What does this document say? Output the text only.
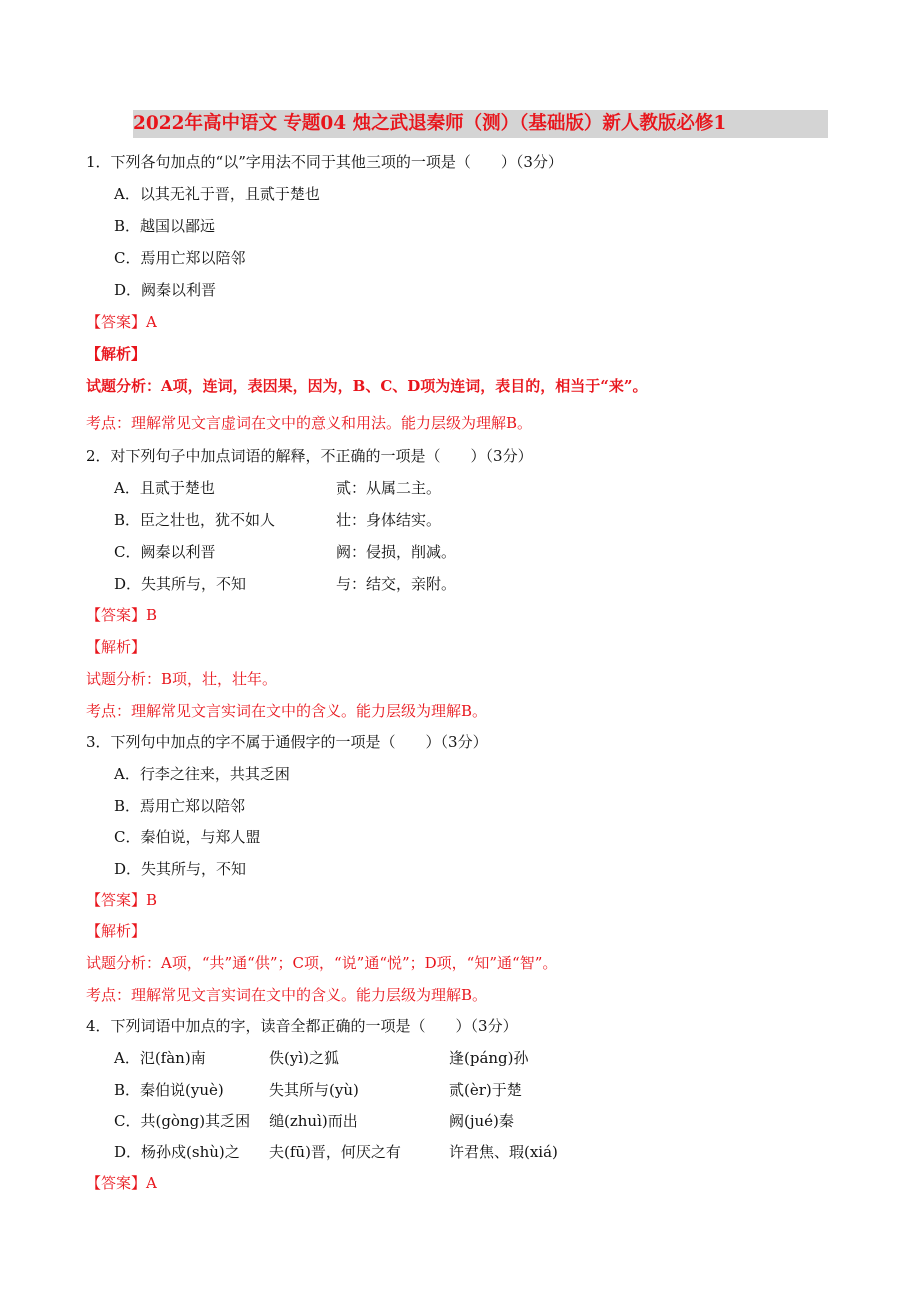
2022年高中语文 专题04 烛之武退秦师（测）（基础版）新人教版必修1
1．下列各句加点的“以”字用法不同于其他三项的一项是（　　）（3分）
A．以其无礼于晋，且贰于楚也
B．越国以鄙远
C．焉用亡郑以陪邻
D．阙秦以利晋
【答案】A
【解析】
试题分析：A项，连词，表因果，因为，B、C、D项为连词，表目的，相当于“来”。
考点：理解常见文言虚词在文中的意义和用法。能力层级为理解B。
2．对下列句子中加点词语的解释，不正确的一项是（　　）（3分）
A．且贰于楚也	贰：从属二主。
B．臣之壮也，犹不如人	壮：身体结实。
C．阙秦以利晋	阙：侵损，削减。
D．失其所与，不知	与：结交，亲附。
【答案】B
【解析】
试题分析：B项，壮，壮年。
考点：理解常见文言实词在文中的含义。能力层级为理解B。
3．下列句中加点的字不属于通假字的一项是（　　）（3分）
A．行李之往来，共其乏困
B．焉用亡郑以陪邻
C．秦伯说，与郑人盟
D．失其所与，不知
【答案】B
【解析】
试题分析：A项，“共”通“供”；C项，“说”通“悦”；D项，“知”通“智”。
考点：理解常见文言实词在文中的含义。能力层级为理解B。
4．下列词语中加点的字，读音全都正确的一项是（　　）（3分）
A．氾(fàn)南	佚(yì)之狐	逢(páng)孙
B．秦伯说(yuè)	失其所与(yù)	贰(èr)于楚
C．共(gòng)其乏困 缒(zhuì)而出	阙(jué)秦
D．杨孙戍(shù)之 夫(fū)晋，何厌之有	许君焦、瑕(xiá)
【答案】A
